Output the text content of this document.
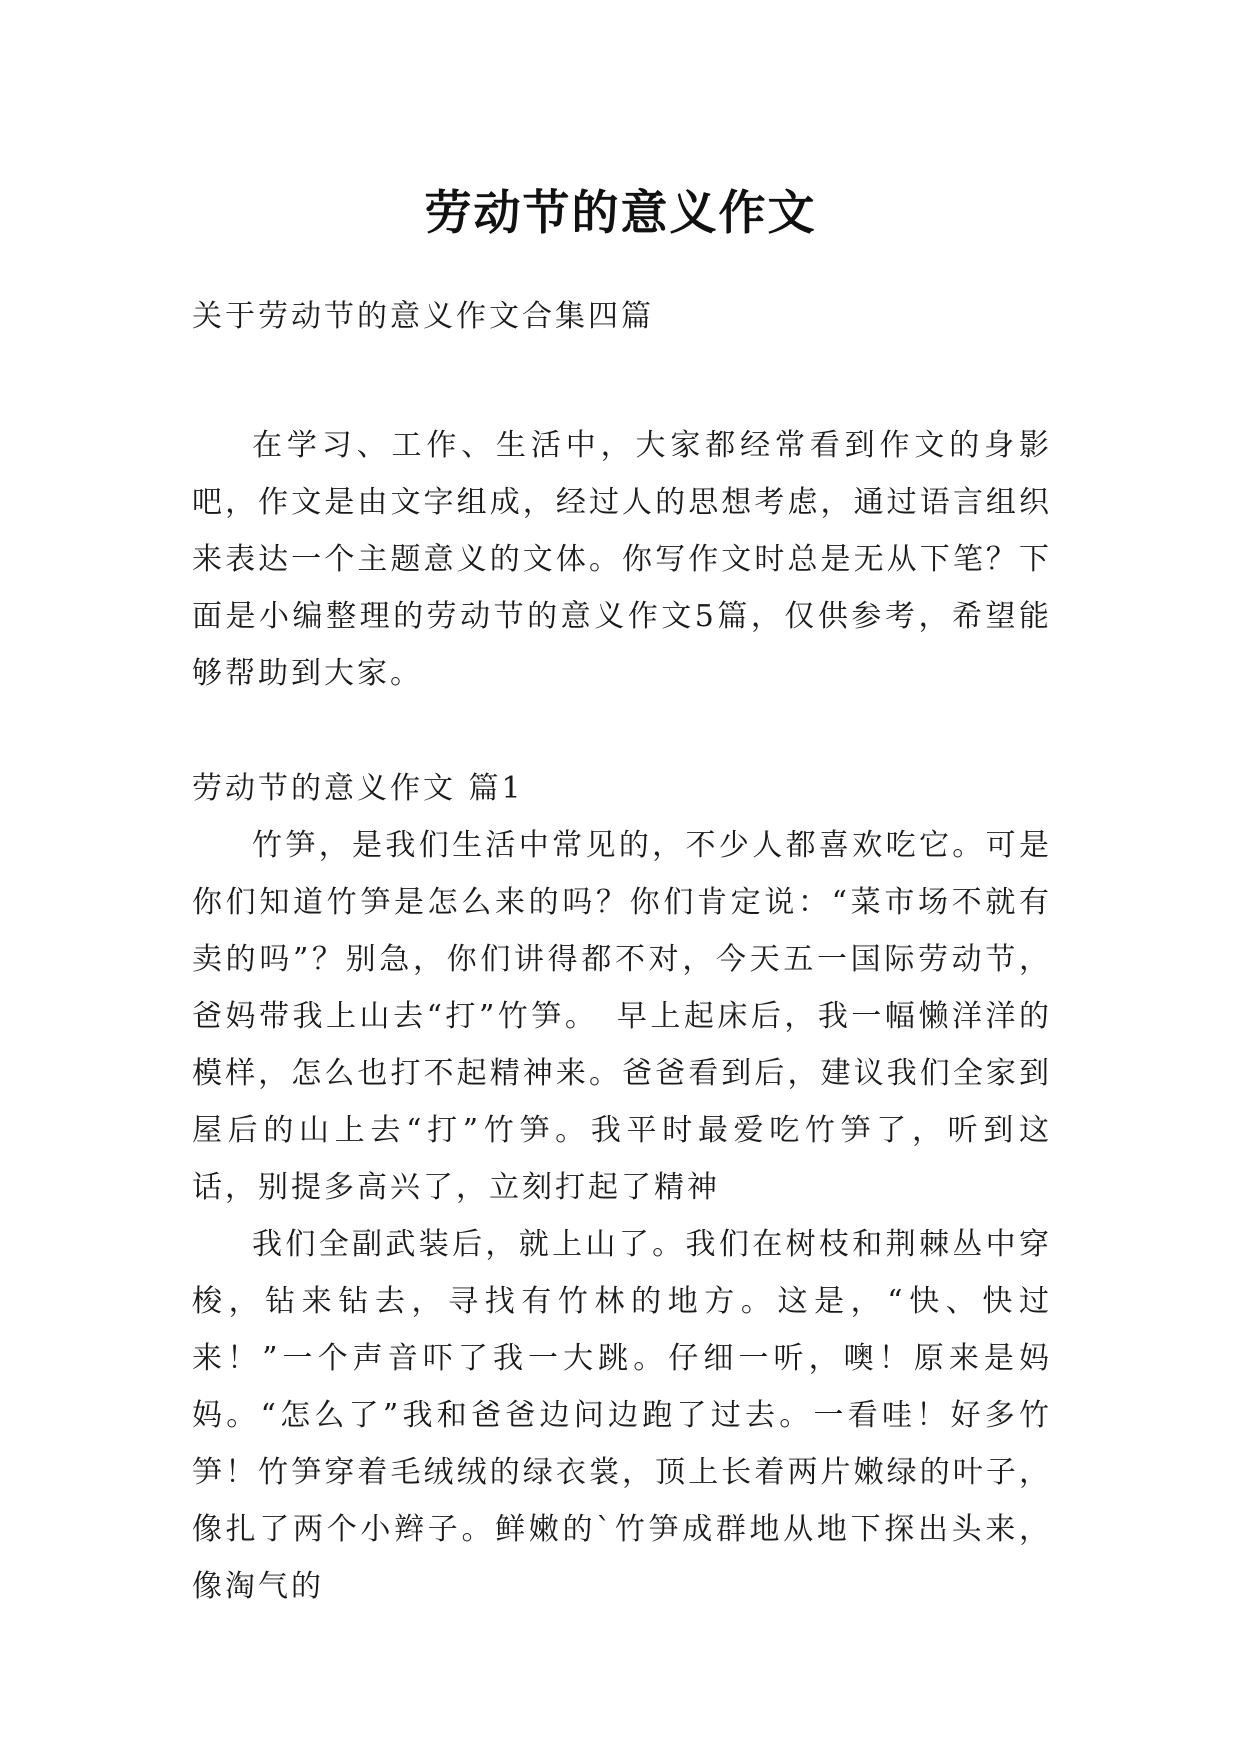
劳动节的意义作文

关于劳动节的意义作文合集四篇

在学习、工作、生活中，大家都经常看到作文的身影吧，作文是由文字组成，经过人的思想考虑，通过语言组织来表达一个主题意义的文体。你写作文时总是无从下笔？下面是小编整理的劳动节的意义作文5篇，仅供参考，希望能够帮助到大家。

劳动节的意义作文 篇1

竹笋，是我们生活中常见的，不少人都喜欢吃它。可是你们知道竹笋是怎么来的吗？你们肯定说：“菜市场不就有卖的吗”？别急，你们讲得都不对，今天五一国际劳动节，爸妈带我上山去“打”竹笋。　早上起床后，我一幅懒洋洋的模样，怎么也打不起精神来。爸爸看到后，建议我们全家到屋后的山上去“打”竹笋。我平时最爱吃竹笋了，听到这话，别提多高兴了，立刻打起了精神

我们全副武装后，就上山了。我们在树枝和荆棘丛中穿梭，钻来钻去，寻找有竹林的地方。这是，“快、快过来！”一个声音吓了我一大跳。仔细一听，噢！原来是妈妈。“怎么了”我和爸爸边问边跑了过去。一看哇！好多竹笋！竹笋穿着毛绒绒的绿衣裳，顶上长着两片嫩绿的叶子，像扎了两个小辫子。鲜嫩的`竹笋成群地从地下探出头来，像淘气的
